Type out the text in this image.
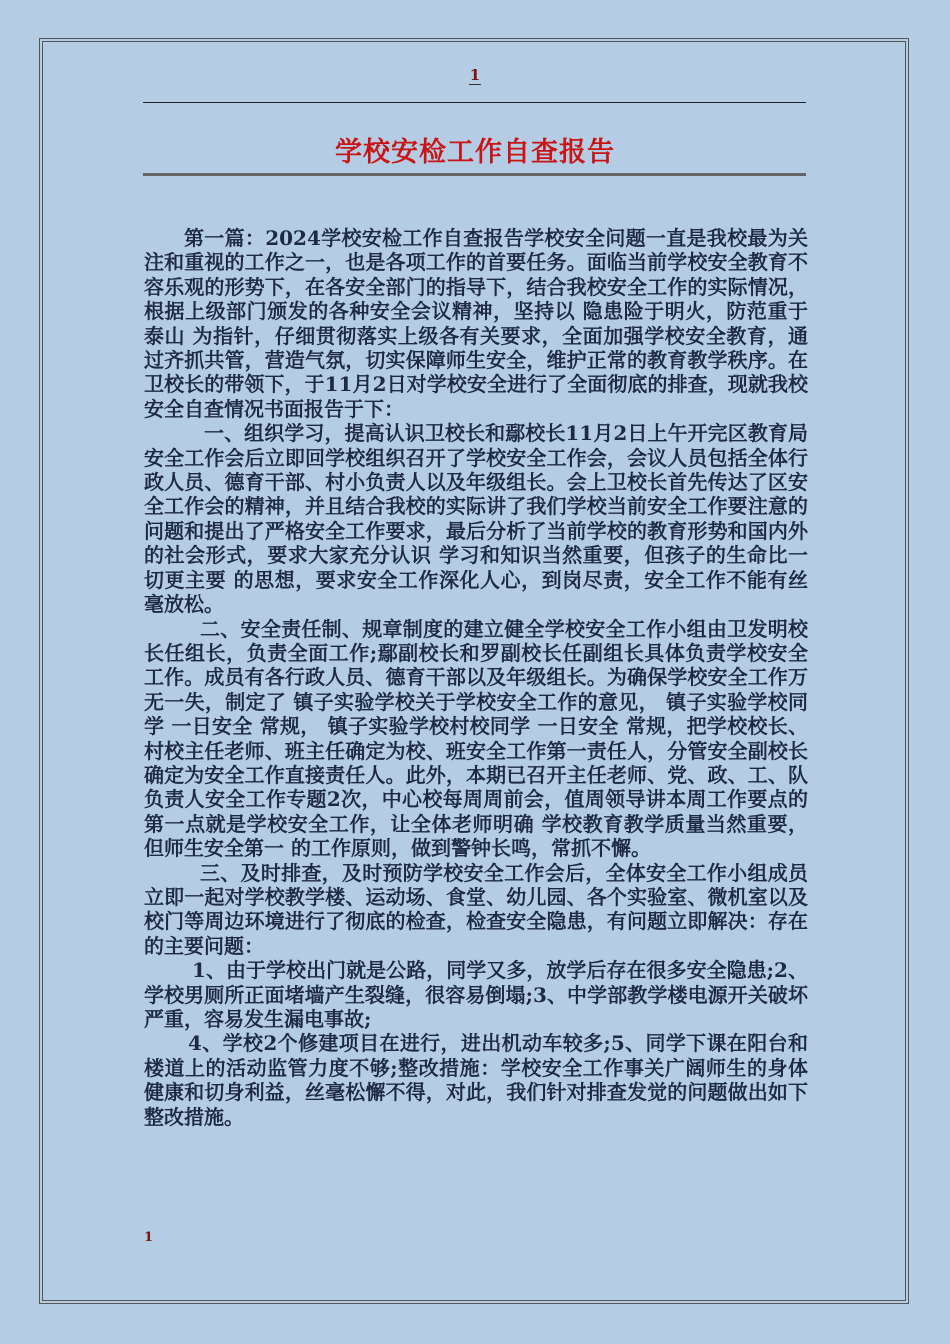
1
学校安检工作自查报告

第一篇：2024学校安检工作自查报告学校安全问题一直是我校最为关注和重视的工作之一，也是各项工作的首要任务。面临当前学校安全教育不容乐观的形势下，在各安全部门的指导下，结合我校安全工作的实际情况，根据上级部门颁发的各种安全会议精神，坚持以 隐患险于明火，防范重于泰山 为指针，仔细贯彻落实上级各有关要求，全面加强学校安全教育，通过齐抓共管，营造气氛，切实保障师生安全，维护正常的教育教学秩序。在卫校长的带领下，于11月2日对学校安全进行了全面彻底的排查，现就我校安全自查情况书面报告于下：

一、组织学习，提高认识卫校长和鄢校长11月2日上午开完区教育局安全工作会后立即回学校组织召开了学校安全工作会，会议人员包括全体行政人员、德育干部、村小负责人以及年级组长。会上卫校长首先传达了区安全工作会的精神，并且结合我校的实际讲了我们学校当前安全工作要注意的问题和提出了严格安全工作要求，最后分析了当前学校的教育形势和国内外的社会形式，要求大家充分认识 学习和知识当然重要，但孩子的生命比一切更主要 的思想，要求安全工作深化人心，到岗尽责，安全工作不能有丝毫放松。

二、安全责任制、规章制度的建立健全学校安全工作小组由卫发明校长任组长，负责全面工作;鄢副校长和罗副校长任副组长具体负责学校安全工作。成员有各行政人员、德育干部以及年级组长。为确保学校安全工作万无一失，制定了 镇子实验学校关于学校安全工作的意见， 镇子实验学校同学 一日安全 常规， 镇子实验学校村校同学 一日安全 常规，把学校校长、村校主任老师、班主任确定为校、班安全工作第一责任人，分管安全副校长确定为安全工作直接责任人。此外，本期已召开主任老师、党、政、工、队负责人安全工作专题2次，中心校每周周前会，值周领导讲本周工作要点的第一点就是学校安全工作，让全体老师明确 学校教育教学质量当然重要，但师生安全第一 的工作原则，做到警钟长鸣，常抓不懈。

三、及时排查，及时预防学校安全工作会后，全体安全工作小组成员立即一起对学校教学楼、运动场、食堂、幼儿园、各个实验室、微机室以及校门等周边环境进行了彻底的检查，检查安全隐患，有问题立即解决：存在的主要问题：

1、由于学校出门就是公路，同学又多，放学后存在很多安全隐患;2、学校男厕所正面堵墙产生裂缝，很容易倒塌;3、中学部教学楼电源开关破坏严重，容易发生漏电事故;

4、学校2个修建项目在进行，进出机动车较多;5、同学下课在阳台和楼道上的活动监管力度不够;整改措施：学校安全工作事关广阔师生的身体健康和切身利益，丝毫松懈不得，对此，我们针对排查发觉的问题做出如下整改措施。

1
